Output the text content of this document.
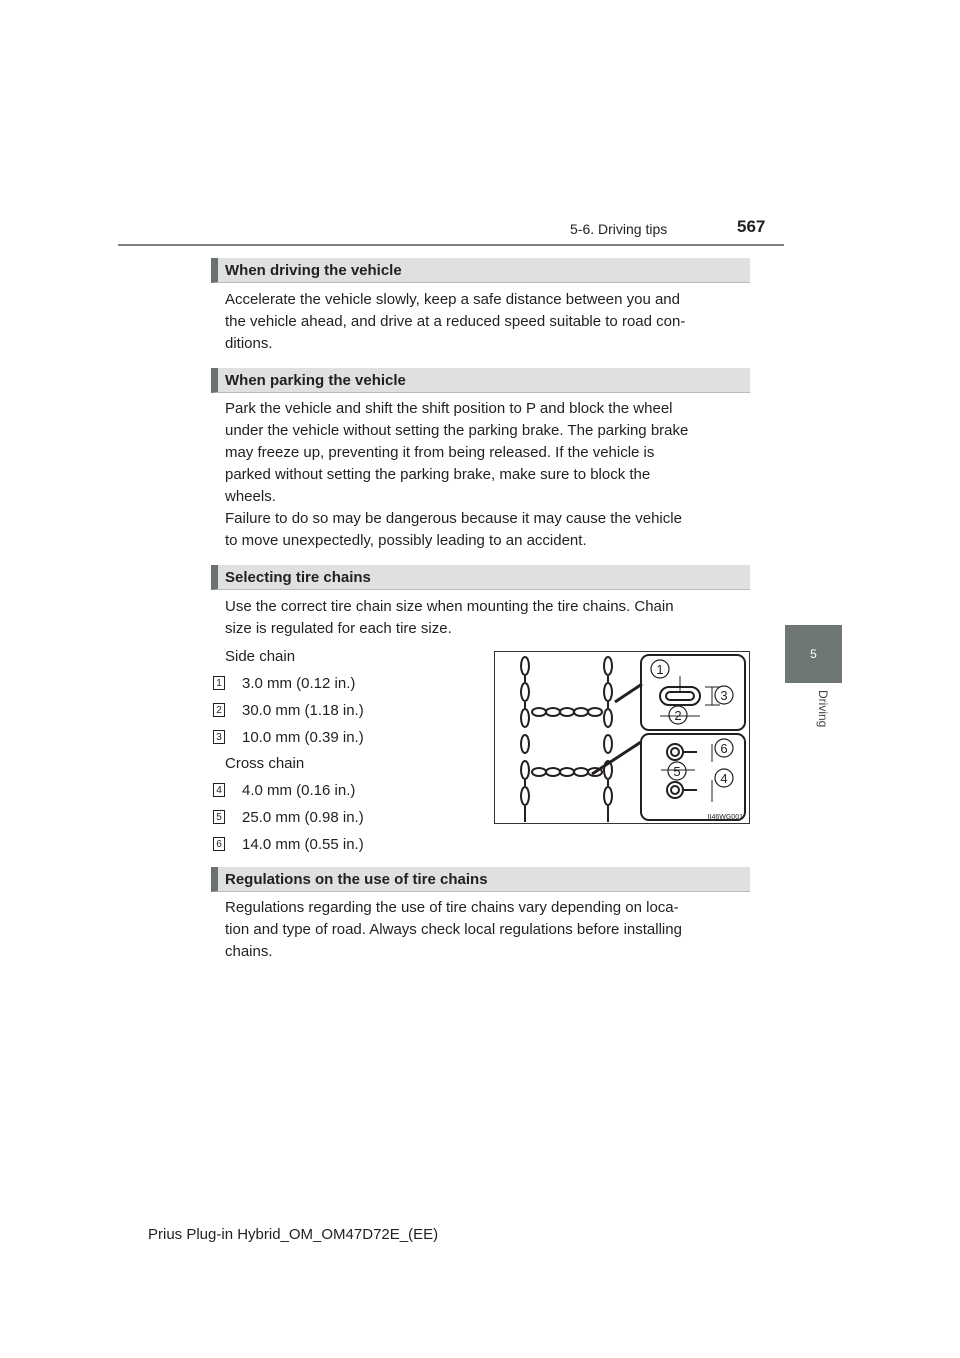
5-6. Driving tips	567
5
Driving
When driving the vehicle
Accelerate the vehicle slowly, keep a safe distance between you and
the vehicle ahead, and drive at a reduced speed suitable to road con-
ditions.
When parking the vehicle
Park the vehicle and shift the shift position to P and block the wheel
under the vehicle without setting the parking brake. The parking brake
may freeze up, preventing it from being released. If the vehicle is
parked without setting the parking brake, make sure to block the
wheels.
Failure to do so may be dangerous because it may cause the vehicle
to move unexpectedly, possibly leading to an accident.
Selecting tire chains
Use the correct tire chain size when mounting the tire chains. Chain
size is regulated for each tire size.
Side chain
1 3.0 mm (0.12 in.)
2 30.0 mm (1.18 in.)
3 10.0 mm (0.39 in.)
Cross chain
4 4.0 mm (0.16 in.)
5 25.0 mm (0.98 in.)
6 14.0 mm (0.55 in.)
1
2
3
4
5
6
II46WG001
Regulations on the use of tire chains
Regulations regarding the use of tire chains vary depending on loca-
tion and type of road. Always check local regulations before installing
chains.
Prius Plug-in Hybrid_OM_OM47D72E_(EE)
